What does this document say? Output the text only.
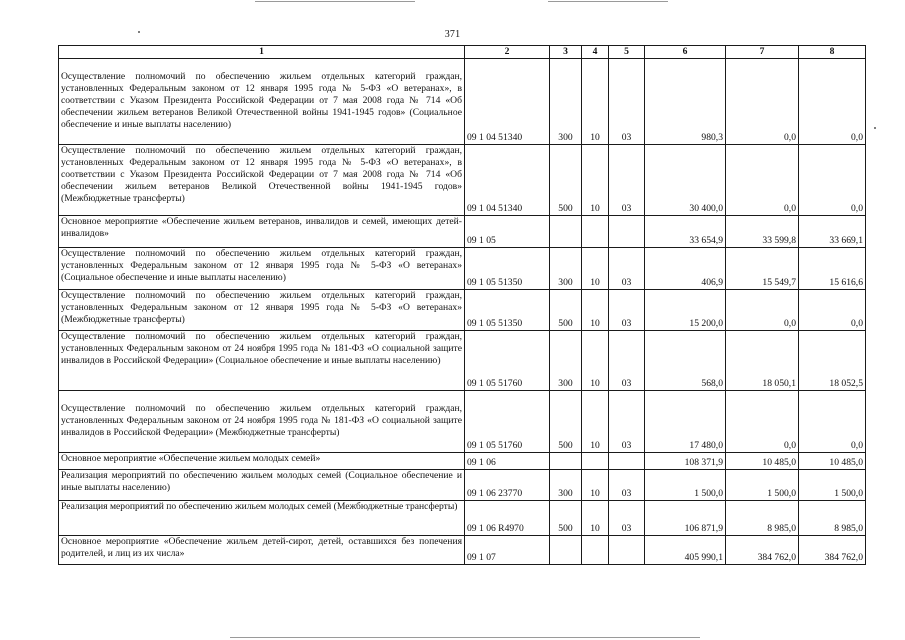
371
1	2	3	4	5	6	7	8

Осуществление полномочий по обеспечению жильем отдельных категорий граждан, установленных Федеральным законом от 12 января 1995 года № 5-ФЗ «О ветеранах», в соответствии с Указом Президента Российской Федерации от 7 мая 2008 года № 714 «Об обеспечении жильем ветеранов Великой Отечественной войны 1941-1945 годов» (Социальное обеспечение и иные выплаты населению)	09 1 04 51340	300	10	03	980,3	0,0	0,0
Осуществление полномочий по обеспечению жильем отдельных категорий граждан, установленных Федеральным законом от 12 января 1995 года № 5-ФЗ «О ветеранах», в соответствии с Указом Президента Российской Федерации от 7 мая 2008 года № 714 «Об обеспечении жильем ветеранов Великой Отечественной войны 1941-1945 годов» (Межбюджетные трансферты)	09 1 04 51340	500	10	03	30 400,0	0,0	0,0
Основное мероприятие «Обеспечение жильем ветеранов, инвалидов и семей, имеющих детей-инвалидов»	09 1 05				33 654,9	33 599,8	33 669,1
Осуществление полномочий по обеспечению жильем отдельных категорий граждан, установленных Федеральным законом от 12 января 1995 года № 5-ФЗ «О ветеранах» (Социальное обеспечение и иные выплаты населению)	09 1 05 51350	300	10	03	406,9	15 549,7	15 616,6
Осуществление полномочий по обеспечению жильем отдельных категорий граждан, установленных Федеральным законом от 12 января 1995 года № 5-ФЗ «О ветеранах» (Межбюджетные трансферты)	09 1 05 51350	500	10	03	15 200,0	0,0	0,0
Осуществление полномочий по обеспечению жильем отдельных категорий граждан, установленных Федеральным законом от 24 ноября 1995 года № 181-ФЗ «О социальной защите инвалидов в Российской Федерации» (Социальное обеспечение и иные выплаты населению)	09 1 05 51760	300	10	03	568,0	18 050,1	18 052,5

Осуществление полномочий по обеспечению жильем отдельных категорий граждан, установленных Федеральным законом от 24 ноября 1995 года № 181-ФЗ «О социальной защите инвалидов в Российской Федерации» (Межбюджетные трансферты)	09 1 05 51760	500	10	03	17 480,0	0,0	0,0
Основное мероприятие «Обеспечение жильем молодых семей»	09 1 06				108 371,9	10 485,0	10 485,0
Реализация мероприятий по обеспечению жильем молодых семей (Социальное обеспечение и иные выплаты населению)	09 1 06 23770	300	10	03	1 500,0	1 500,0	1 500,0
Реализация мероприятий по обеспечению жильем молодых семей (Межбюджетные трансферты)	09 1 06 R4970	500	10	03	106 871,9	8 985,0	8 985,0
Основное мероприятие «Обеспечение жильем детей-сирот, детей, оставшихся без попечения родителей, и лиц из их числа»	09 1 07				405 990,1	384 762,0	384 762,0
